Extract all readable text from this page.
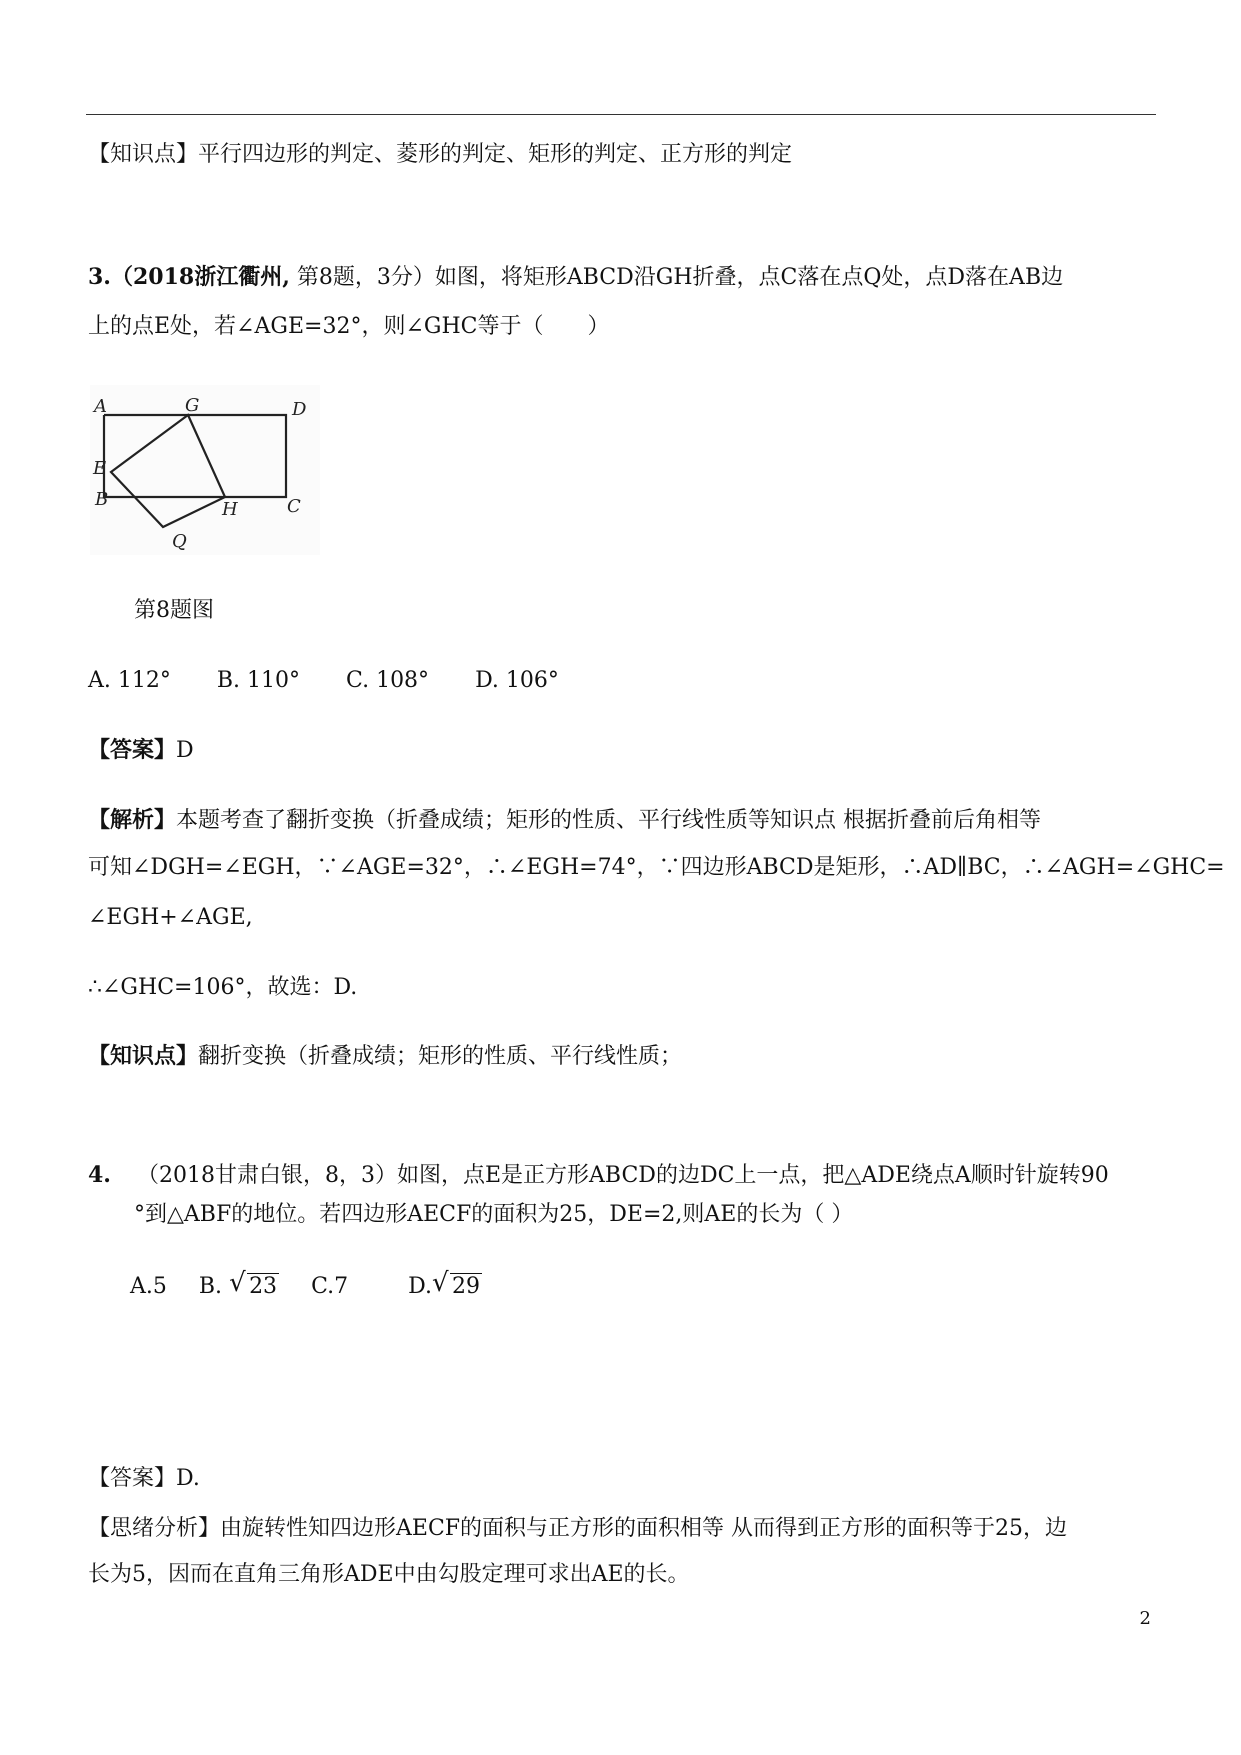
【知识点】平行四边形的判定、菱形的判定、矩形的判定、正方形的判定
3.（2018浙江衢州, 第8题，3分）如图，将矩形ABCD沿GH折叠，点C落在点Q处，点D落在AB边
上的点E处，若∠AGE=32°，则∠GHC等于（　　）
A	G	D
E
B	H	C
Q
第8题图
A. 112° B. 110° C. 108° D. 106°
【答案】D
【解析】本题考查了翻折变换（折叠成绩；矩形的性质、平行线性质等知识点 根据折叠前后角相等
可知∠DGH=∠EGH，∵∠AGE=32°，∴∠EGH=74°，∵四边形ABCD是矩形，∴AD∥BC，∴∠AGH=∠GHC=
∠EGH+∠AGE,
∴∠GHC=106°，故选：D.
【知识点】翻折变换（折叠成绩；矩形的性质、平行线性质；
4. （2018甘肃白银，8，3）如图，点E是正方形ABCD的边DC上一点，把△ADE绕点A顺时针旋转90
°到△ABF的地位。若四边形AECF的面积为25，DE=2,则AE的长为（ ）
A.5 B. √ 23 C.7	D. √ 29
【答案】D.
【思绪分析】由旋转性知四边形AECF的面积与正方形的面积相等 从而得到正方形的面积等于25，边
长为5，因而在直角三角形ADE中由勾股定理可求出AE的长。
2
